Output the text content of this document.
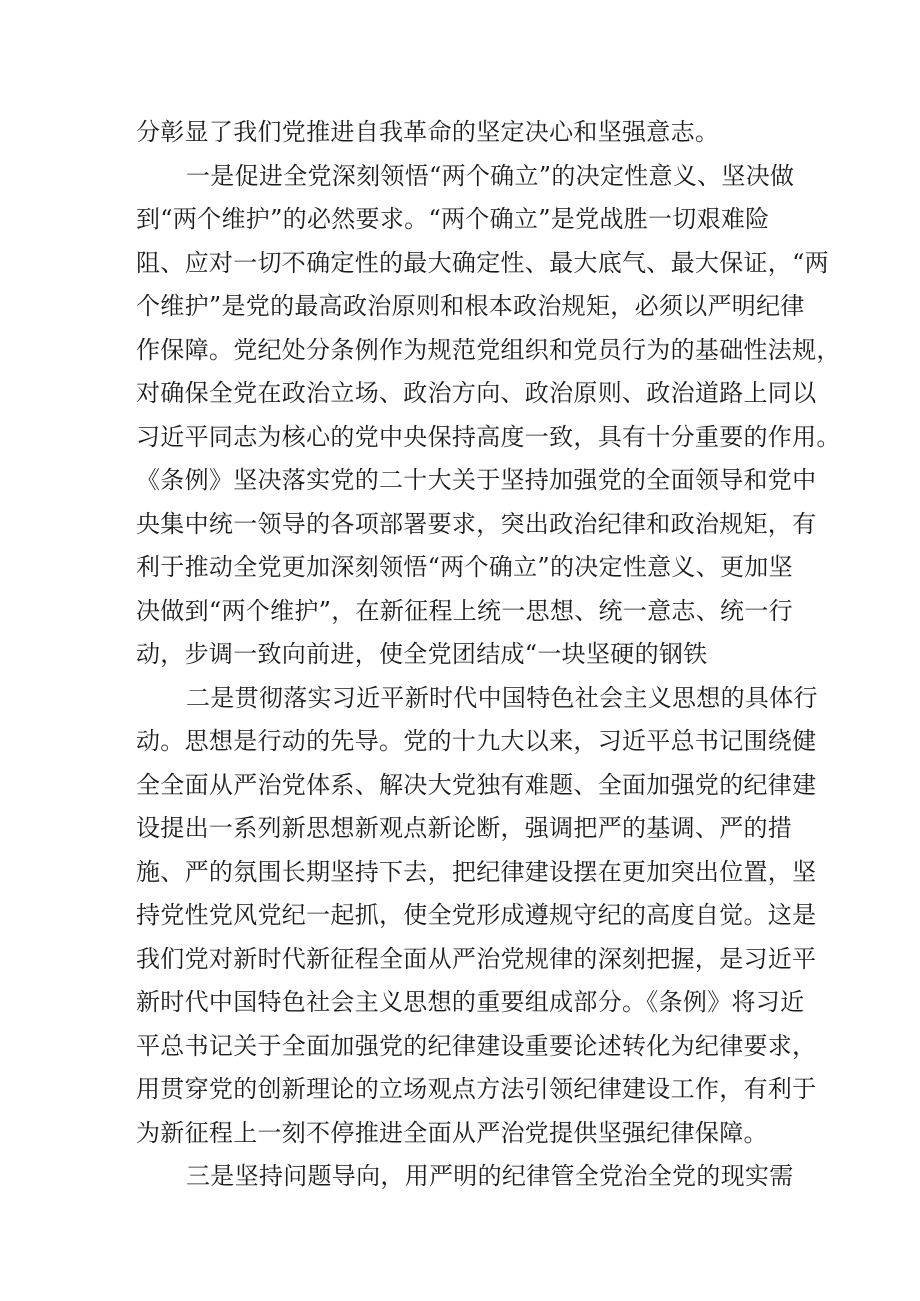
分彰显了我们党推进自我革命的坚定决心和坚强意志。

一是促进全党深刻领悟“两个确立”的决定性意义、坚决做

到“两个维护”的必然要求。“两个确立”是党战胜一切艰难险

阻、应对一切不确定性的最大确定性、最大底气、最大保证，“两

个维护”是党的最高政治原则和根本政治规矩，必须以严明纪律

作保障。党纪处分条例作为规范党组织和党员行为的基础性法规，

对确保全党在政治立场、政治方向、政治原则、政治道路上同以

习近平同志为核心的党中央保持高度一致，具有十分重要的作用。

《条例》坚决落实党的二十大关于坚持加强党的全面领导和党中

央集中统一领导的各项部署要求，突出政治纪律和政治规矩，有

利于推动全党更加深刻领悟“两个确立”的决定性意义、更加坚

决做到“两个维护”，在新征程上统一思想、统一意志、统一行

动，步调一致向前进，使全党团结成“一块坚硬的钢铁

二是贯彻落实习近平新时代中国特色社会主义思想的具体行

动。思想是行动的先导。党的十九大以来，习近平总书记围绕健

全全面从严治党体系、解决大党独有难题、全面加强党的纪律建

设提出一系列新思想新观点新论断，强调把严的基调、严的措

施、严的氛围长期坚持下去，把纪律建设摆在更加突出位置，坚

持党性党风党纪一起抓，使全党形成遵规守纪的高度自觉。这是

我们党对新时代新征程全面从严治党规律的深刻把握，是习近平

新时代中国特色社会主义思想的重要组成部分。《条例》将习近

平总书记关于全面加强党的纪律建设重要论述转化为纪律要求，

用贯穿党的创新理论的立场观点方法引领纪律建设工作，有利于

为新征程上一刻不停推进全面从严治党提供坚强纪律保障。

三是坚持问题导向，用严明的纪律管全党治全党的现实需
